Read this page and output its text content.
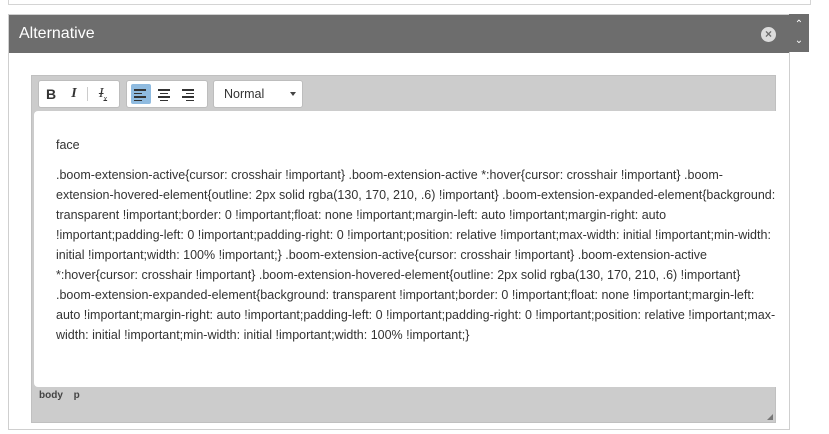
Alternative	×
B	I	$I_x$	Normal

face

.boom-extension-active{cursor: crosshair !important} .boom-extension-active *:hover{cursor: crosshair !important} .boom-extension-hovered-element{outline: 2px solid rgba(130, 170, 210, .6) !important} .boom-extension-expanded-element{background: transparent !important;border: 0 !important;float: none !important;margin-left: auto !important;margin-right: auto !important;padding-left: 0 !important;padding-right: 0 !important;position: relative !important;max-width: initial !important;min-width: initial !important;width: 100% !important;} .boom-extension-active{cursor: crosshair !important} .boom-extension-active *:hover{cursor: crosshair !important} .boom-extension-hovered-element{outline: 2px solid rgba(130, 170, 210, .6) !important} .boom-extension-expanded-element{background: transparent !important;border: 0 !important;float: none !important;margin-left: auto !important;margin-right: auto !important;padding-left: 0 !important;padding-right: 0 !important;position: relative !important;max-width: initial !important;min-width: initial !important;width: 100% !important;}

body p
⌃
⌄
